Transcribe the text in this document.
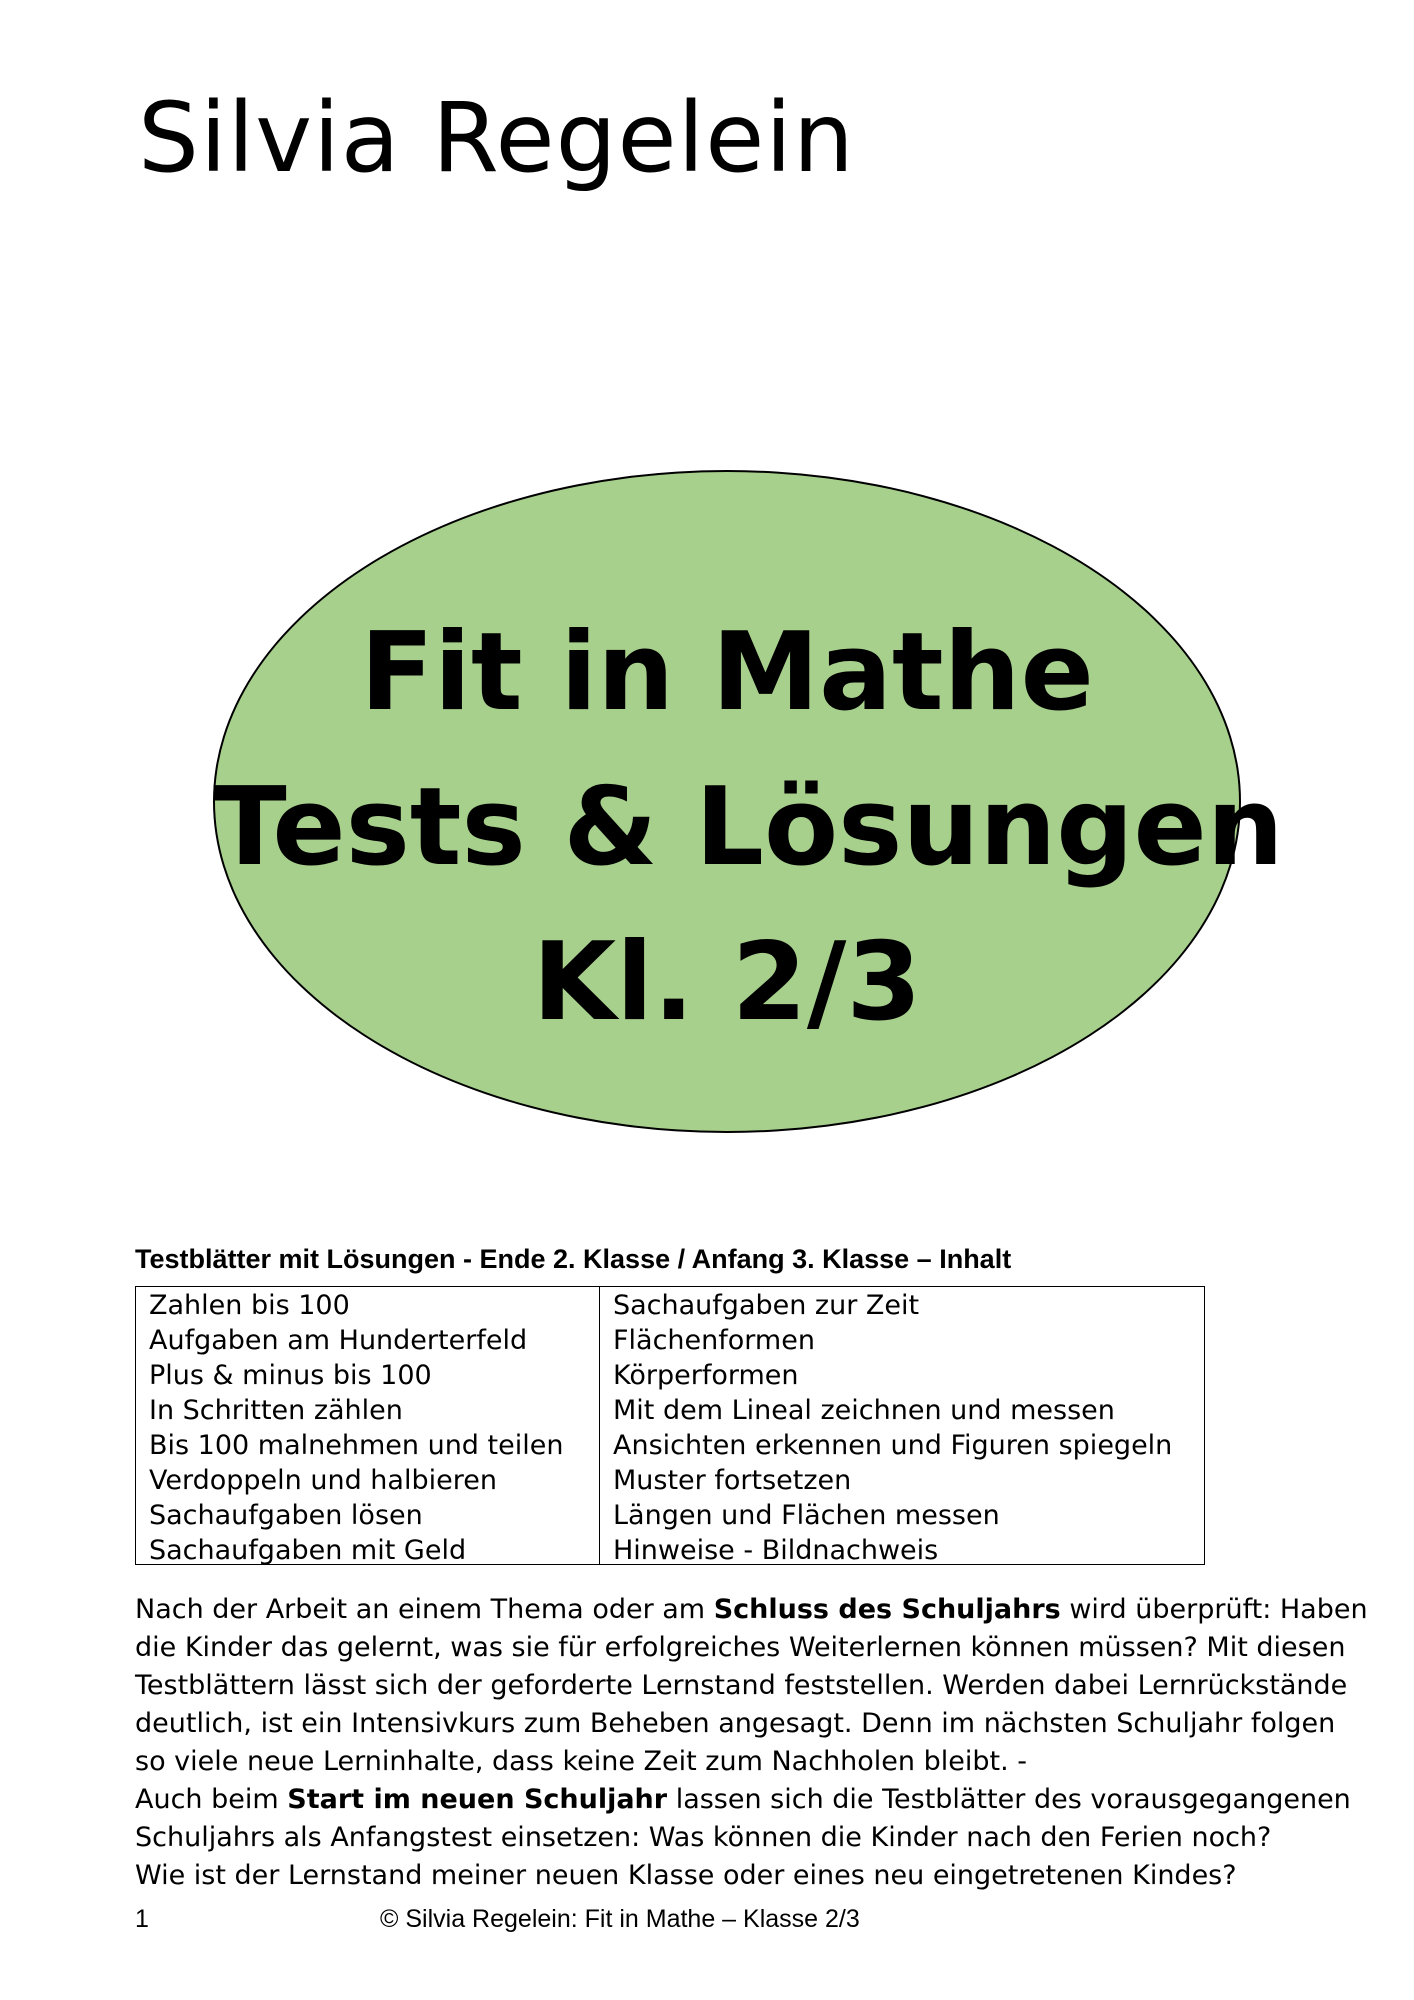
Silvia Regelein
Fit in Mathe
Tests & Lösungen
Kl. 2/3
Testblätter mit Lösungen - Ende 2. Klasse / Anfang 3. Klasse – Inhalt
Zahlen bis 100
Aufgaben am Hunderterfeld
Plus & minus bis 100
In Schritten zählen
Bis 100 malnehmen und teilen
Verdoppeln und halbieren
Sachaufgaben lösen
Sachaufgaben mit Geld
Sachaufgaben zur Zeit
Flächenformen
Körperformen
Mit dem Lineal zeichnen und messen
Ansichten erkennen und Figuren spiegeln
Muster fortsetzen
Längen und Flächen messen
Hinweise - Bildnachweis
Nach der Arbeit an einem Thema oder am Schluss des Schuljahrs wird überprüft: Haben
die Kinder das gelernt, was sie für erfolgreiches Weiterlernen können müssen? Mit diesen
Testblättern lässt sich der geforderte Lernstand feststellen. Werden dabei Lernrückstände
deutlich, ist ein Intensivkurs zum Beheben angesagt. Denn im nächsten Schuljahr folgen
so viele neue Lerninhalte, dass keine Zeit zum Nachholen bleibt. -
Auch beim Start im neuen Schuljahr lassen sich die Testblätter des vorausgegangenen
Schuljahrs als Anfangstest einsetzen: Was können die Kinder nach den Ferien noch?
Wie ist der Lernstand meiner neuen Klasse oder eines neu eingetretenen Kindes?
1	© Silvia Regelein: Fit in Mathe – Klasse 2/3
